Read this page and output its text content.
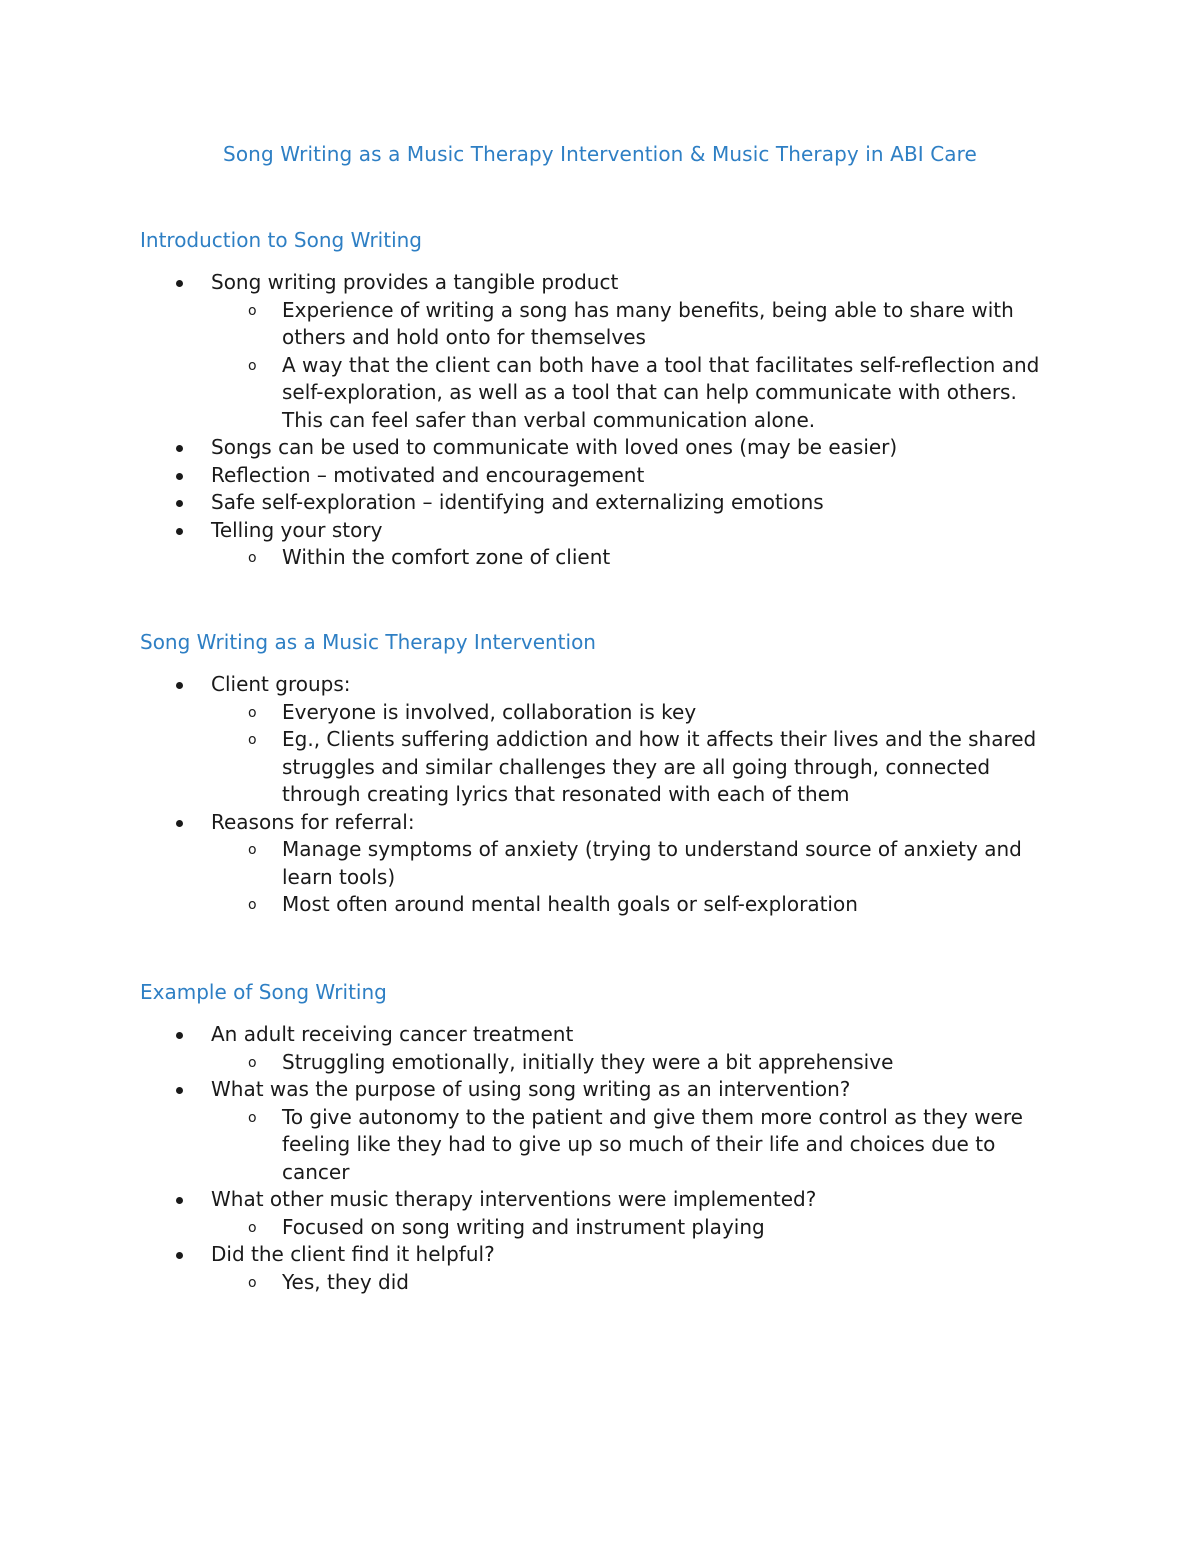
Song Writing as a Music Therapy Intervention & Music Therapy in ABI Care
Introduction to Song Writing
Song writing provides a tangible product
o Experience of writing a song has many benefits, being able to share with others and hold onto for themselves
o A way that the client can both have a tool that facilitates self-reflection and self-exploration, as well as a tool that can help communicate with others. This can feel safer than verbal communication alone.
Songs can be used to communicate with loved ones (may be easier)
Reflection – motivated and encouragement
Safe self-exploration – identifying and externalizing emotions
Telling your story
o Within the comfort zone of client
Song Writing as a Music Therapy Intervention
Client groups:
o Everyone is involved, collaboration is key
o Eg., Clients suffering addiction and how it affects their lives and the shared struggles and similar challenges they are all going through, connected through creating lyrics that resonated with each of them
Reasons for referral:
o Manage symptoms of anxiety (trying to understand source of anxiety and learn tools)
o Most often around mental health goals or self-exploration
Example of Song Writing
An adult receiving cancer treatment
o Struggling emotionally, initially they were a bit apprehensive
What was the purpose of using song writing as an intervention?
o To give autonomy to the patient and give them more control as they were feeling like they had to give up so much of their life and choices due to cancer
What other music therapy interventions were implemented?
o Focused on song writing and instrument playing
Did the client find it helpful?
o Yes, they did
